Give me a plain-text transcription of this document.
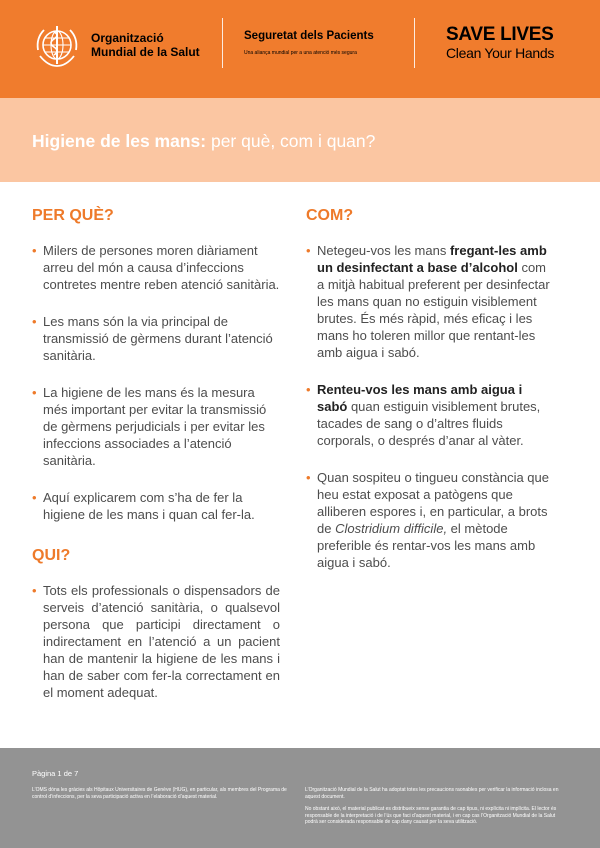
Organització
Mundial de la Salut
Seguretat dels Pacients
Una aliança mundial per a una atenció més segura
SAVE LIVES
Clean Your Hands
Higiene de les mans: per què, com i quan?
PER QUÈ?
• Milers de persones moren diàriament arreu del món a causa d’infeccions contretes mentre reben atenció sanitària.
• Les mans són la via principal de transmissió de gèrmens durant l’atenció sanitària.
• La higiene de les mans és la mesura més important per evitar la transmissió de gèrmens perjudicials i per evitar les infeccions associades a l’atenció sanitària.
• Aquí explicarem com s’ha de fer la higiene de les mans i quan cal fer-la.
QUI?
• Tots els professionals o dispensadors de serveis d’atenció sanitària, o qualsevol persona que participi directament o indirectament en l’atenció a un pacient han de mantenir la higiene de les mans i han de saber com fer-la correctament en el moment adequat.
COM?
• Netegeu-vos les mans fregant-les amb un desinfectant a base d’alcohol com a mitjà habitual preferent per desinfectar les mans quan no estiguin visiblement brutes. És més ràpid, més eficaç i les mans ho toleren millor que rentant-les amb aigua i sabó.
• Renteu-vos les mans amb aigua i sabó quan estiguin visiblement brutes, tacades de sang o d’altres fluids corporals, o després d’anar al vàter.
• Quan sospiteu o tingueu constància que heu estat exposat a patògens que alliberen espores i, en particular, a brots de Clostridium difficile, el mètode preferible és rentar-vos les mans amb aigua i sabó.
Pàgina 1 de 7
L’OMS dóna les gràcies als Hôpitaux Universitaires de Genève (HUG), en particular, als membres del Programa de control d’infeccions, per la seva participació activa en l’elaboració d’aquest material.
L’Organització Mundial de la Salut ha adoptat totes les precaucions raonables per verificar la informació inclosa en aquest document.
No obstant això, el material publicat es distribueix sense garantia de cap tipus, ni explícita ni implícita. El lector és responsable de la interpretació i de l’ús que faci d’aquest material, i en cap cas l’Organització Mundial de la Salut podrà ser considerada responsable de cap dany causat per la seva utilització.
